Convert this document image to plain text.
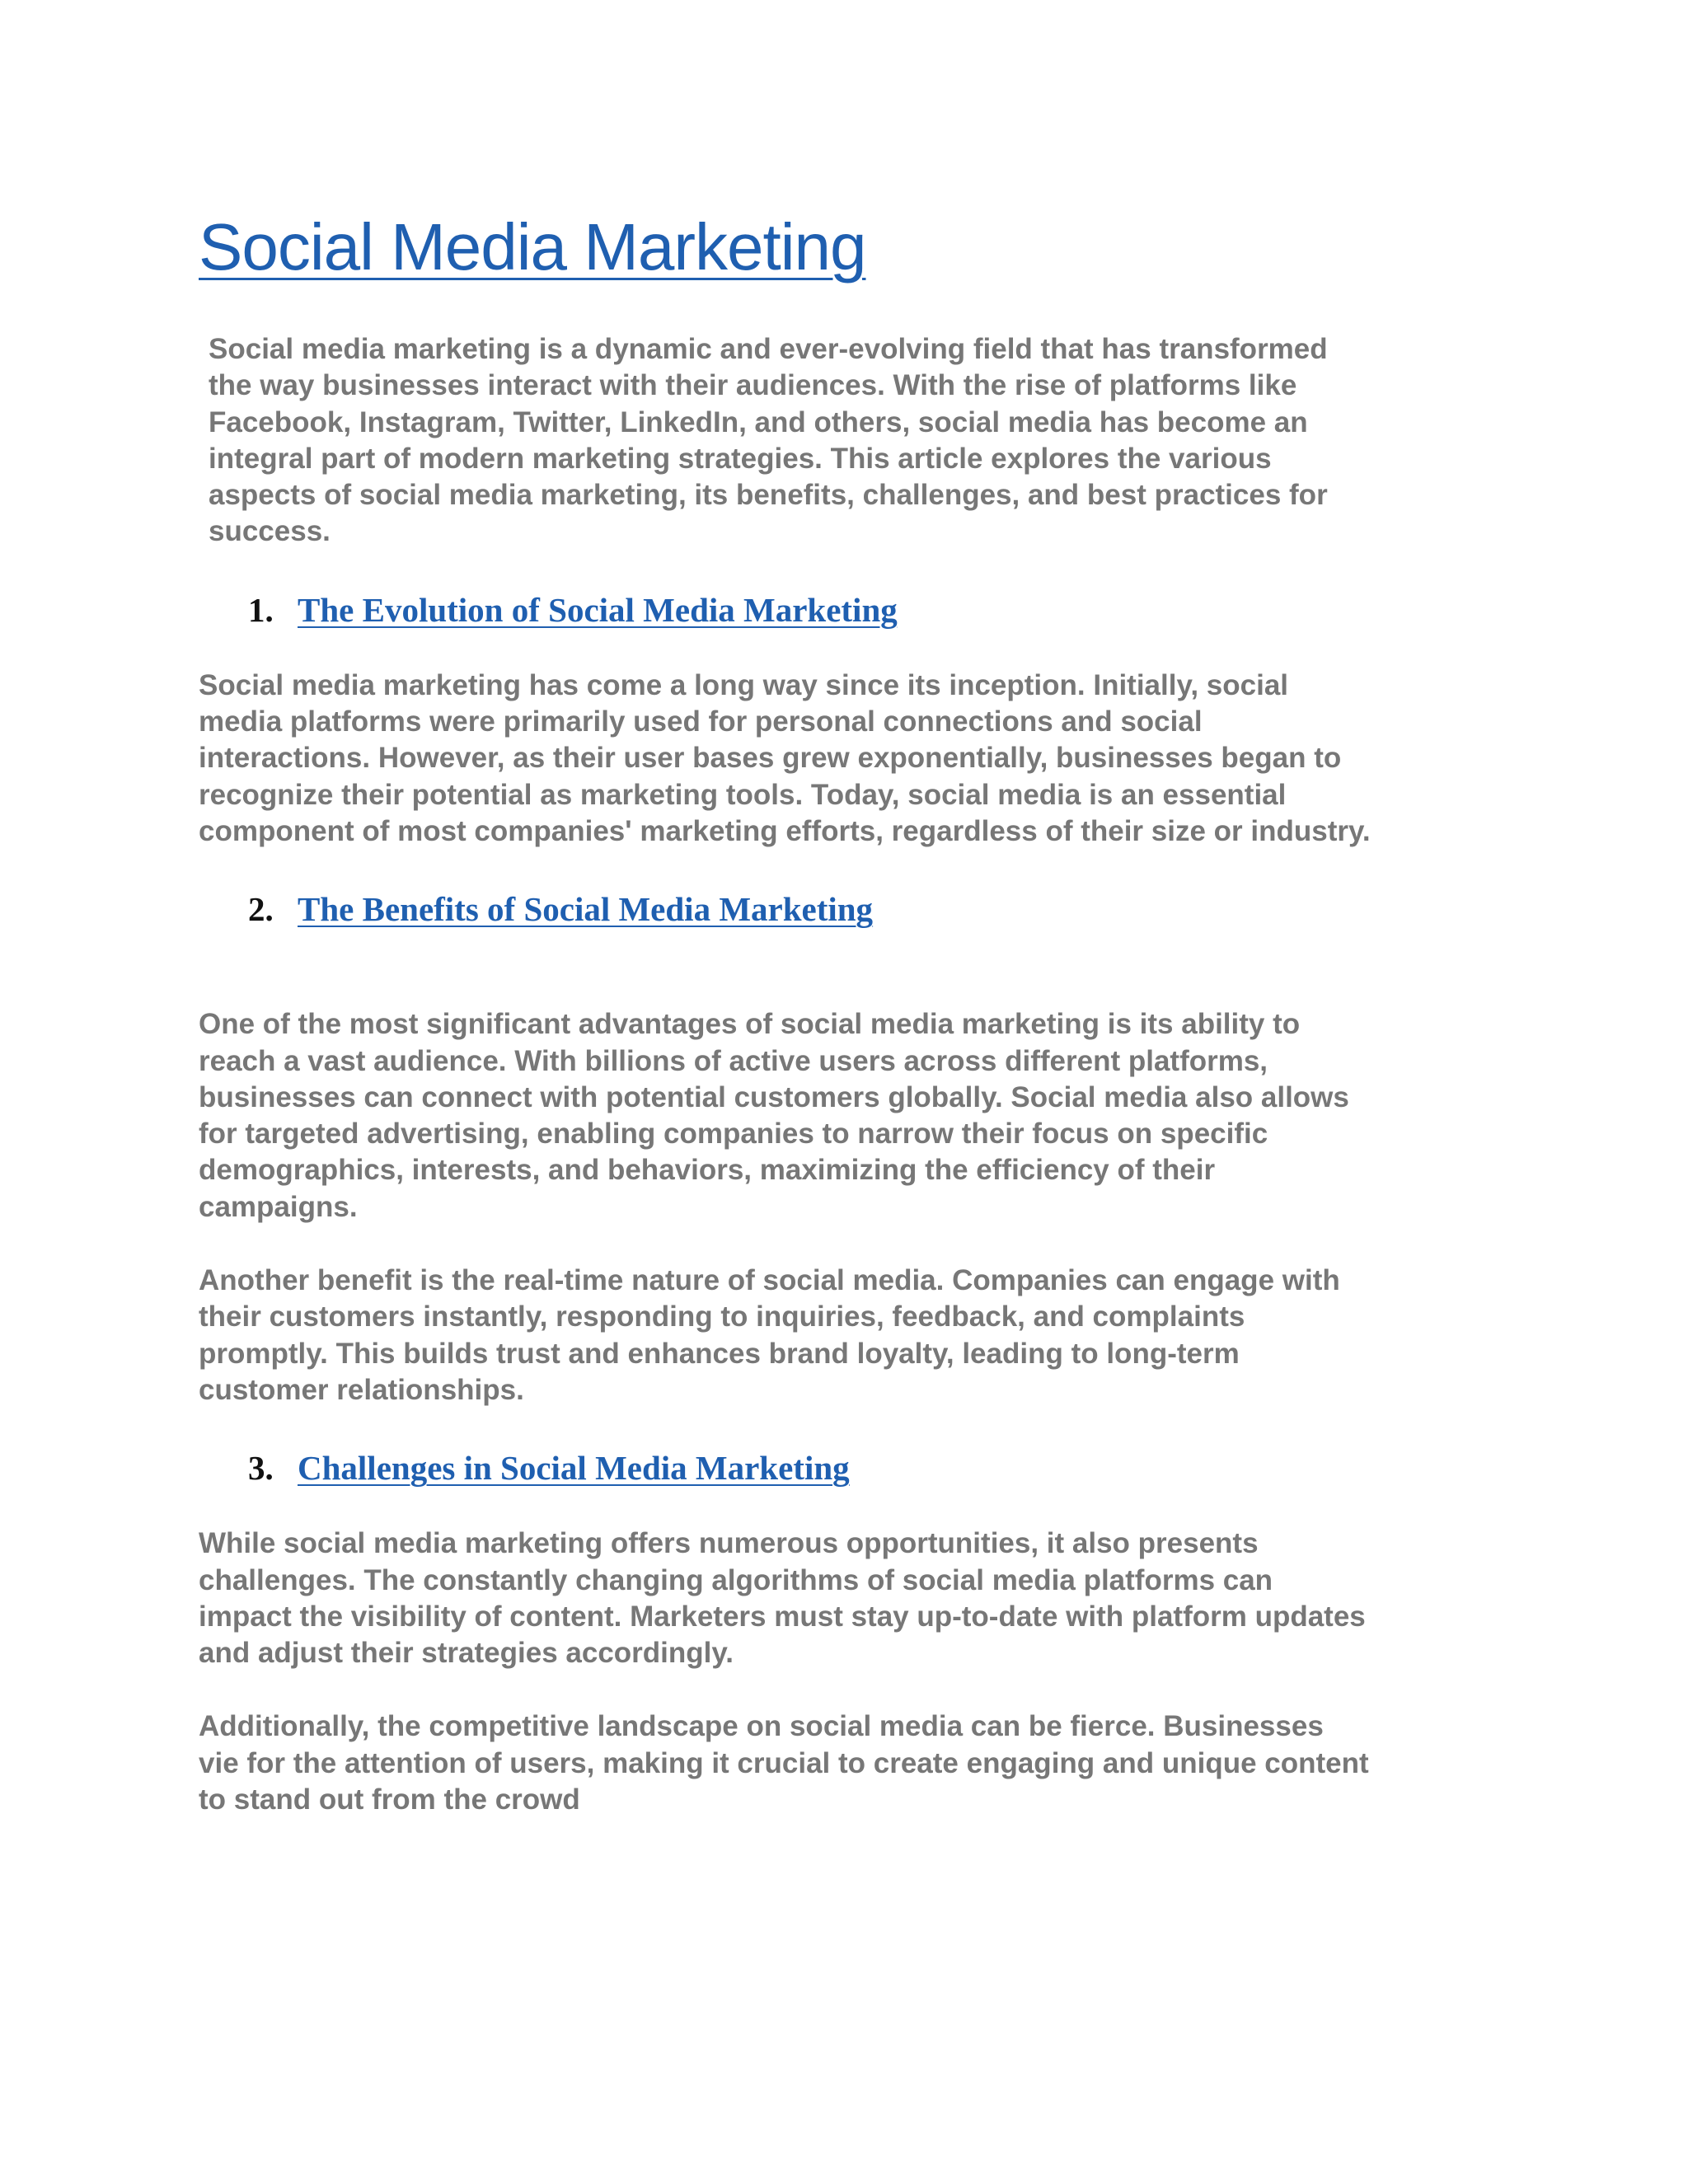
Social Media Marketing

Social media marketing is a dynamic and ever-evolving field that has transformed
the way businesses interact with their audiences. With the rise of platforms like
Facebook, Instagram, Twitter, LinkedIn, and others, social media has become an
integral part of modern marketing strategies. This article explores the various
aspects of social media marketing, its benefits, challenges, and best practices for
success.

1. The Evolution of Social Media Marketing

Social media marketing has come a long way since its inception. Initially, social
media platforms were primarily used for personal connections and social
interactions. However, as their user bases grew exponentially, businesses began to
recognize their potential as marketing tools. Today, social media is an essential
component of most companies' marketing efforts, regardless of their size or industry.

2. The Benefits of Social Media Marketing

One of the most significant advantages of social media marketing is its ability to
reach a vast audience. With billions of active users across different platforms,
businesses can connect with potential customers globally. Social media also allows
for targeted advertising, enabling companies to narrow their focus on specific
demographics, interests, and behaviors, maximizing the efficiency of their
campaigns.

Another benefit is the real-time nature of social media. Companies can engage with
their customers instantly, responding to inquiries, feedback, and complaints
promptly. This builds trust and enhances brand loyalty, leading to long-term
customer relationships.

3. Challenges in Social Media Marketing

While social media marketing offers numerous opportunities, it also presents
challenges. The constantly changing algorithms of social media platforms can
impact the visibility of content. Marketers must stay up-to-date with platform updates
and adjust their strategies accordingly.

Additionally, the competitive landscape on social media can be fierce. Businesses
vie for the attention of users, making it crucial to create engaging and unique content
to stand out from the crowd
